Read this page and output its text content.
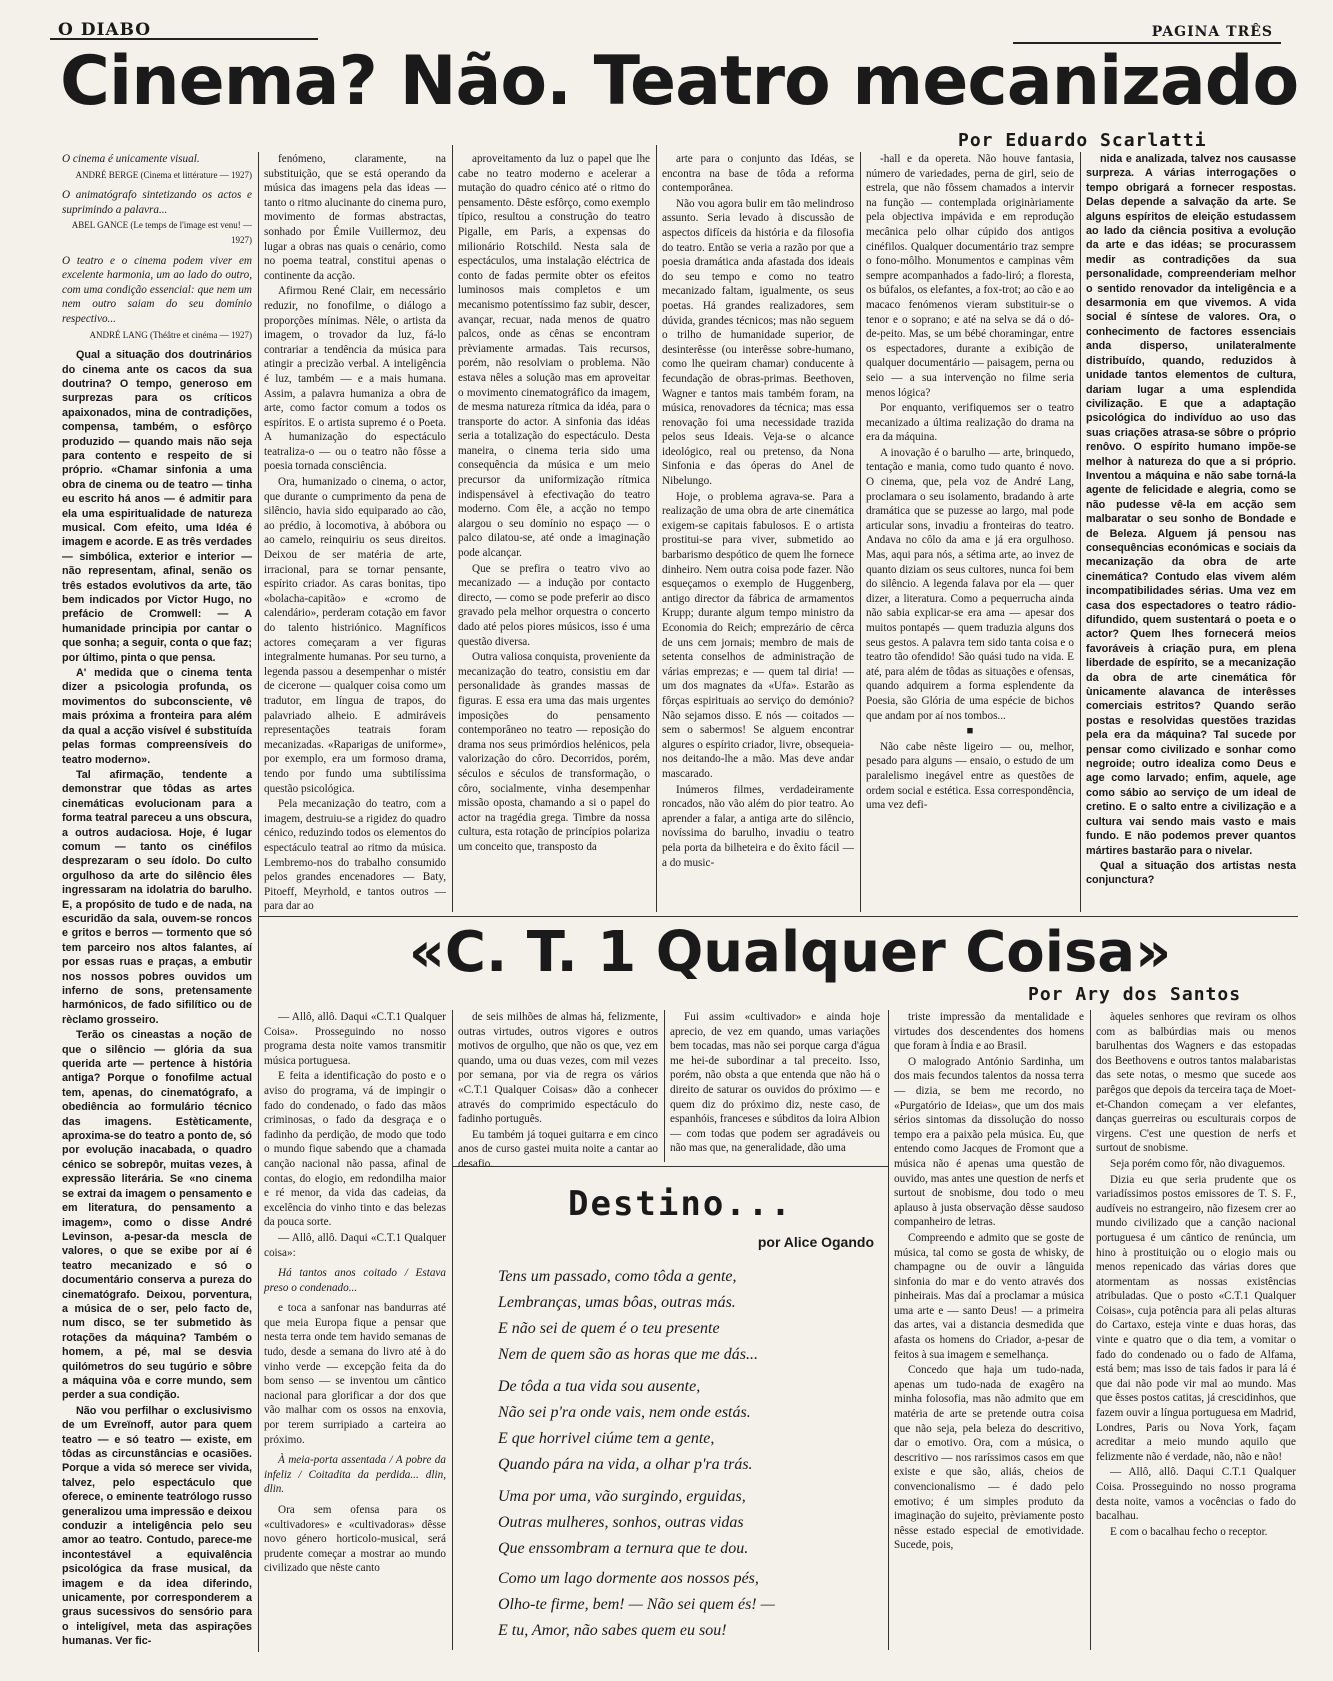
O DIABO	PAGINA TRÊS
Cinema? Não. Teatro mecanizado
Por Eduardo Scarlatti

O cinema é unicamente visual.

ANDRÉ BERGE (Cinema et littérature — 1927)

O animatógrafo sintetizando os actos e suprimindo a palavra...

ABEL GANCE (Le temps de l'image est venu! — 1927)

O teatro e o cinema podem viver em excelente harmonia, um ao lado do outro, com uma condição essencial: que nem um nem outro saiam do seu domínio respectivo...

ANDRÉ LANG (Théâtre et cinéma — 1927)

Qual a situação dos doutrinários do cinema ante os cacos da sua doutrina? O tempo, generoso em surprezas para os críticos apaixonados, mina de contradições, compensa, também, o esfôrço produzido — quando mais não seja para contento e respeito de si próprio. «Chamar sinfonia a uma obra de cinema ou de teatro — tinha eu escrito há anos — é admitir para ela uma espiritualidade de natureza musical. Com efeito, uma Idéa é imagem e acorde. E as três verdades — simbólica, exterior e interior — não representam, afinal, senão os três estados evolutivos da arte, tão bem indicados por Victor Hugo, no prefácio de Cromwell: — A humanidade principia por cantar o que sonha; a seguir, conta o que faz; por último, pinta o que pensa.

A' medida que o cinema tenta dizer a psicologia profunda, os movimentos do subconsciente, vê mais próxima a fronteira para além da qual a acção visível é substituída pelas formas compreensíveis do teatro moderno».

Tal afirmação, tendente a demonstrar que tôdas as artes cinemáticas evolucionam para a forma teatral pareceu a uns obscura, a outros audaciosa. Hoje, é lugar comum — tanto os cinéfilos desprezaram o seu ídolo. Do culto orgulhoso da arte do silêncio êles ingressaram na idolatria do barulho. E, a propósito de tudo e de nada, na escuridão da sala, ouvem-se roncos e gritos e berros — tormento que só tem parceiro nos altos falantes, aí por essas ruas e praças, a embutir nos nossos pobres ouvidos um inferno de sons, pretensamente harmónicos, de fado sifilítico ou de rèclamo grosseiro.

Terão os cineastas a noção de que o silêncio — glória da sua querida arte — pertence à história antiga? Porque o fonofilme actual tem, apenas, do cinematógrafo, a obediência ao formulário técnico das imagens. Estèticamente, aproxima-se do teatro a ponto de, só por evolução inacabada, o quadro cénico se sobrepôr, muitas vezes, à expressão literária. Se «no cinema se extrai da imagem o pensamento e em literatura, do pensamento a imagem», como o disse André Levinson, a-pesar-da mescla de valores, o que se exibe por aí é teatro mecanizado e só o documentário conserva a pureza do cinematógrafo. Deixou, porventura, a música de o ser, pelo facto de, num disco, se ter submetido às rotações da máquina? Também o homem, a pé, mal se desvia quilómetros do seu tugúrio e sôbre a máquina vôa e corre mundo, sem perder a sua condição.

Não vou perfilhar o exclusivismo de um Evreïnoff, autor para quem teatro — e só teatro — existe, em tôdas as circunstâncias e ocasiões. Porque a vida só merece ser vivida, talvez, pelo espectáculo que oferece, o eminente teatrólogo russo generalizou uma impressão e deixou conduzir a inteligência pelo seu amor ao teatro. Contudo, parece-me incontestável a equivalência psicológica da frase musical, da imagem e da idea diferindo, unicamente, por corresponderem a graus sucessivos do sensório para o inteligível, meta das aspirações humanas. Ver fic-

fenómeno, claramente, na substituição, que se está operando da música das imagens pela das ideas — tanto o ritmo alucinante do cinema puro, movimento de formas abstractas, sonhado por Émile Vuillermoz, deu lugar a obras nas quais o cenário, como no poema teatral, constitui apenas o continente da acção.

Afirmou René Clair, em necessário reduzir, no fonofilme, o diálogo a proporções mínimas. Nêle, o artista da imagem, o trovador da luz, fá-lo contrariar a tendência da música para atingir a precizão verbal. A inteligência é luz, também — e a mais humana. Assim, a palavra humaniza a obra de arte, como factor comum a todos os espíritos. E o artista supremo é o Poeta. A humanização do espectáculo teatraliza-o — ou o teatro não fôsse a poesia tornada consciência.

Ora, humanizado o cinema, o actor, que durante o cumprimento da pena de silêncio, havia sido equiparado ao cão, ao prédio, à locomotiva, à abóbora ou ao camelo, reinquiriu os seus direitos. Deixou de ser matéria de arte, irracional, para se tornar pensante, espírito criador. As caras bonitas, tipo «bolacha-capitão» e «cromo de calendário», perderam cotação em favor do talento histriónico. Magníficos actores começaram a ver figuras integralmente humanas. Por seu turno, a legenda passou a desempenhar o mistér de cicerone — qualquer coisa como um tradutor, em língua de trapos, do palavriado alheio. E admiráveis representações teatrais foram mecanizadas. «Raparigas de uniforme», por exemplo, era um formoso drama, tendo por fundo uma subtilíssima questão psicológica.

Pela mecanização do teatro, com a imagem, destruiu-se a rigidez do quadro cénico, reduzindo todos os elementos do espectáculo teatral ao ritmo da música. Lembremo-nos do trabalho consumido pelos grandes encenadores — Baty, Pitoeff, Meyrhold, e tantos outros — para dar ao

aproveitamento da luz o papel que lhe cabe no teatro moderno e acelerar a mutação do quadro cénico até o ritmo do pensamento. Dêste esfôrço, como exemplo típico, resultou a construção do teatro Pigalle, em Paris, a expensas do milionário Rotschild. Nesta sala de espectáculos, uma instalação eléctrica de conto de fadas permite obter os efeitos luminosos mais completos e um mecanismo potentíssimo faz subir, descer, avançar, recuar, nada menos de quatro palcos, onde as cênas se encontram prèviamente armadas. Tais recursos, porém, não resolviam o problema. Não estava nêles a solução mas em aproveitar o movimento cinematográfico da imagem, de mesma natureza rítmica da idéa, para o transporte do actor. A sinfonia das idéas seria a totalização do espectáculo. Desta maneira, o cinema teria sido uma consequência da música e um meio precursor da uniformização rítmica indispensável à efectivação do teatro moderno. Com êle, a acção no tempo alargou o seu domínio no espaço — o palco dilatou-se, até onde a imaginação pode alcançar.

Que se prefira o teatro vivo ao mecanizado — a indução por contacto directo, — como se pode preferir ao disco gravado pela melhor orquestra o concerto dado até pelos piores músicos, isso é uma questão diversa.

Outra valiosa conquista, proveniente da mecanização do teatro, consistiu em dar personalidade às grandes massas de figuras. E essa era uma das mais urgentes imposições do pensamento contemporâneo no teatro — reposição do drama nos seus primórdios helénicos, pela valorização do côro. Decorridos, porém, séculos e séculos de transformação, o côro, socialmente, vinha desempenhar missão oposta, chamando a si o papel do actor na tragédia grega. Timbre da nossa cultura, esta rotação de princípios polariza um conceito que, transposto da

arte para o conjunto das Idéas, se encontra na base de tôda a reforma contemporânea.

Não vou agora bulir em tão melindroso assunto. Seria levado à discussão de aspectos difíceis da história e da filosofia do teatro. Então se veria a razão por que a poesia dramática anda afastada dos ideais do seu tempo e como no teatro mecanizado faltam, igualmente, os seus poetas. Há grandes realizadores, sem dúvida, grandes técnicos; mas não seguem o trilho de humanidade superior, de desinterêsse (ou interêsse sobre-humano, como lhe queiram chamar) conducente à fecundação de obras-primas. Beethoven, Wagner e tantos mais também foram, na música, renovadores da técnica; mas essa renovação foi uma necessidade trazida pelos seus Ideais. Veja-se o alcance ideológico, real ou pretenso, da Nona Sinfonia e das óperas do Anel de Nibelungo.

Hoje, o problema agrava-se. Para a realização de uma obra de arte cinemática exigem-se capitais fabulosos. E o artista prostitui-se para viver, submetido ao barbarismo despótico de quem lhe fornece dinheiro. Nem outra coisa pode fazer. Não esqueçamos o exemplo de Huggenberg, antigo director da fábrica de armamentos Krupp; durante algum tempo ministro da Economia do Reich; emprezário de cêrca de uns cem jornais; membro de mais de setenta conselhos de administração de várias emprezas; e — quem tal diria! — um dos magnates da «Ufa». Estarão as fôrças espirituais ao serviço do demónio? Não sejamos disso. E nós — coitados — sem o sabermos! Se alguem encontrar algures o espírito criador, livre, obsequeia-nos deitando-lhe a mão. Mas deve andar mascarado.

Inúmeros filmes, verdadeiramente roncados, não vão além do pior teatro. Ao aprender a falar, a antiga arte do silêncio, novíssima do barulho, invadiu o teatro pela porta da bilheteira e do êxito fácil — a do music-

-hall e da opereta. Não houve fantasia, número de variedades, perna de girl, seio de estrela, que não fôssem chamados a intervir na função — contemplada originàriamente pela objectiva impávida e em reprodução mecânica pelo olhar cúpido dos antigos cinéfilos. Qualquer documentário traz sempre o fono-môlho. Monumentos e campinas vêm sempre acompanhados a fado-liró; a floresta, os búfalos, os elefantes, a fox-trot; ao cão e ao macaco fenómenos vieram substituir-se o tenor e o soprano; e até na selva se dá o dó-de-peito. Mas, se um bébé choramingar, entre os espectadores, durante a exibição de qualquer documentário — paisagem, perna ou seio — a sua intervenção no filme seria menos lógica?

Por enquanto, verifiquemos ser o teatro mecanizado a última realização do drama na era da máquina.

A inovação é o barulho — arte, brinquedo, tentação e mania, como tudo quanto é novo. O cinema, que, pela voz de André Lang, proclamara o seu isolamento, bradando à arte dramática que se puzesse ao largo, mal pode articular sons, invadiu a fronteiras do teatro. Andava no côlo da ama e já era orgulhoso. Mas, aqui para nós, a sétima arte, ao invez de quanto diziam os seus cultores, nunca foi bem do silêncio. A legenda falava por ela — quer dizer, a literatura. Como a pequerrucha ainda não sabia explicar-se era ama — apesar dos muitos pontapés — quem traduzia alguns dos seus gestos. A palavra tem sido tanta coisa e o teatro tão ofendido! São quási tudo na vida. E até, para além de tôdas as situações e ofensas, quando adquirem a forma esplendente da Poesia, são Glória de uma espécie de bichos que andam por aí nos tombos...

■

Não cabe nêste ligeiro — ou, melhor, pesado para alguns — ensaio, o estudo de um paralelismo inegável entre as questões de ordem social e estética. Essa correspondência, uma vez defi-

nida e analizada, talvez nos causasse surpreza. A várias interrogações o tempo obrigará a fornecer respostas. Delas depende a salvação da arte. Se alguns espíritos de eleição estudassem ao lado da ciência positiva a evolução da arte e das idéas; se procurassem medir as contradições da sua personalidade, compreenderiam melhor o sentido renovador da inteligência e a desarmonia em que vivemos. A vida social é síntese de valores. Ora, o conhecimento de factores essenciais anda disperso, unilateralmente distribuído, quando, reduzidos à unidade tantos elementos de cultura, dariam lugar a uma esplendida civilização. E que a adaptação psicológica do indivíduo ao uso das suas criações atrasa-se sôbre o próprio renôvo. O espírito humano impõe-se melhor à natureza do que a si próprio. Inventou a máquina e não sabe torná-la agente de felicidade e alegria, como se não pudesse vê-la em acção sem malbaratar o seu sonho de Bondade e de Beleza. Alguem já pensou nas consequências económicas e sociais da mecanização da obra de arte cinemática? Contudo elas vivem além incompatibilidades sérias. Uma vez em casa dos espectadores o teatro rádio-difundido, quem sustentará o poeta e o actor? Quem lhes fornecerá meios favoráveis à criação pura, em plena liberdade de espírito, se a mecanização da obra de arte cinemática fôr ùnicamente alavanca de interêsses comerciais estritos? Quando serão postas e resolvidas questões trazidas pela era da máquina? Tal sucede por pensar como civilizado e sonhar como negroide; outro idealiza como Deus e age como larvado; enfim, aquele, age como sábio ao serviço de um ideal de cretino. E o salto entre a civilização e a cultura vai sendo mais vasto e mais fundo. E não podemos prever quantos mártires bastarão para o nivelar.

Qual a situação dos artistas nesta conjunctura?

«C. T. 1 Qualquer Coisa»
Por Ary dos Santos

— Allô, allô. Daqui «C.T.1 Qualquer Coisa». Prosseguindo no nosso programa desta noite vamos transmitir música portuguesa.

E feita a identificação do posto e o aviso do programa, vá de impingir o fado do condenado, o fado das mãos criminosas, o fado da desgraça e o fadinho da perdição, de modo que todo o mundo fique sabendo que a chamada canção nacional não passa, afinal de contas, do elogio, em redondilha maior e ré menor, da vida das cadeias, da excelência do vinho tinto e das belezas da pouca sorte.

— Allô, allô. Daqui «C.T.1 Qualquer coisa»:

Há tantos anos coitado / Estava preso o condenado...

e toca a sanfonar nas bandurras até que meia Europa fique a pensar que nesta terra onde tem havido semanas de tudo, desde a semana do livro até à do vinho verde — excepção feita da do bom senso — se inventou um cântico nacional para glorificar a dor dos que vão malhar com os ossos na enxovia, por terem surripiado a carteira ao próximo.

À meia-porta assentada / A pobre da infeliz / Coitadita da perdida... dlin, dlin.

Ora sem ofensa para os «cultivadores» e «cultivadoras» dêsse novo género horticolo-musical, será prudente começar a mostrar ao mundo civilizado que nêste canto

de seis milhões de almas há, felizmente, outras virtudes, outros vigores e outros motivos de orgulho, que não os que, vez em quando, uma ou duas vezes, com mil vezes por semana, por via de regra os vários «C.T.1 Qualquer Coisas» dão a conhecer através do comprimido espectáculo do fadinho português.

Eu também já toquei guitarra e em cinco anos de curso gastei muita noite a cantar ao desafio.

Fui assim «cultivador» e ainda hoje aprecio, de vez em quando, umas variações bem tocadas, mas não sei porque carga d'água me hei-de subordinar a tal preceito. Isso, porém, não obsta a que entenda que não há o direito de saturar os ouvidos do próximo — e quem diz do próximo diz, neste caso, de espanhóis, franceses e súbditos da loira Albion — com todas que podem ser agradáveis ou não mas que, na generalidade, dão uma

triste impressão da mentalidade e virtudes dos descendentes dos homens que foram à Índia e ao Brasil.

O malogrado António Sardinha, um dos mais fecundos talentos da nossa terra — dizia, se bem me recordo, no «Purgatório de Ideias», que um dos mais sérios sintomas da dissolução do nosso tempo era a paixão pela música. Eu, que entendo como Jacques de Fromont que a música não é apenas uma questão de ouvido, mas antes une question de nerfs et surtout de snobisme, dou todo o meu aplauso à justa observação dêsse saudoso companheiro de letras.

Compreendo e admito que se goste de música, tal como se gosta de whisky, de champagne ou de ouvir a lânguida sinfonia do mar e do vento através dos pinheirais. Mas daí a proclamar a música uma arte e — santo Deus! — a primeira das artes, vai a distancia desmedida que afasta os homens do Criador, a-pesar de feitos à sua imagem e semelhança.

Concedo que haja um tudo-nada, apenas um tudo-nada de exagêro na minha folosofia, mas não admito que em matéria de arte se pretende outra coisa que não seja, pela beleza do descritivo, dar o emotivo. Ora, com a música, o descritivo — nos raríssimos casos em que existe e que são, aliás, cheios de convencionalismo — é dado pelo emotivo; é um simples produto da imaginação do sujeito, prèviamente posto nêsse estado especial de emotividade. Sucede, pois,

àqueles senhores que reviram os olhos com as balbúrdias mais ou menos barulhentas dos Wagners e das estopadas dos Beethovens e outros tantos malabaristas das sete notas, o mesmo que sucede aos parêgos que depois da terceira taça de Moet-et-Chandon começam a ver elefantes, danças guerreiras ou esculturais corpos de virgens. C'est une question de nerfs et surtout de snobisme.

Seja porém como fôr, não divaguemos.

Dizia eu que seria prudente que os variadíssimos postos emissores de T. S. F., audíveis no estrangeiro, não fizesem crer ao mundo civilizado que a canção nacional portuguesa é um cântico de renúncia, um hino à prostituição ou o elogio mais ou menos repenicado das várias dores que atormentam as nossas existências atribuladas. Que o posto «C.T.1 Qualquer Coisas», cuja potência para ali pelas alturas do Cartaxo, esteja vinte e duas horas, das vinte e quatro que o dia tem, a vomitar o fado do condenado ou o fado de Alfama, está bem; mas isso de tais fados ir para lá é que dai não pode vir mal ao mundo. Mas que êsses postos catitas, já crescidinhos, que fazem ouvir a língua portuguesa em Madrid, Londres, Paris ou Nova York, façam acreditar a meio mundo aquilo que felizmente não é verdade, não, não e não!

— Allô, allô. Daqui C.T.1 Qualquer Coisa. Prosseguindo no nosso programa desta noite, vamos a vocências o fado do bacalhau.

E com o bacalhau fecho o receptor.

Destino...
por Alice Ogando
Tens um passado, como tôda a gente,
Lembranças, umas bôas, outras más.
E não sei de quem é o teu presente
Nem de quem são as horas que me dás...
De tôda a tua vida sou ausente,
Não sei p'ra onde vais, nem onde estás.
E que horrivel ciúme tem a gente,
Quando pára na vida, a olhar p'ra trás.
Uma por uma, vão surgindo, erguidas,
Outras mulheres, sonhos, outras vidas
Que enssombram a ternura que te dou.
Como um lago dormente aos nossos pés,
Olho-te firme, bem! — Não sei quem és! —
E tu, Amor, não sabes quem eu sou!
